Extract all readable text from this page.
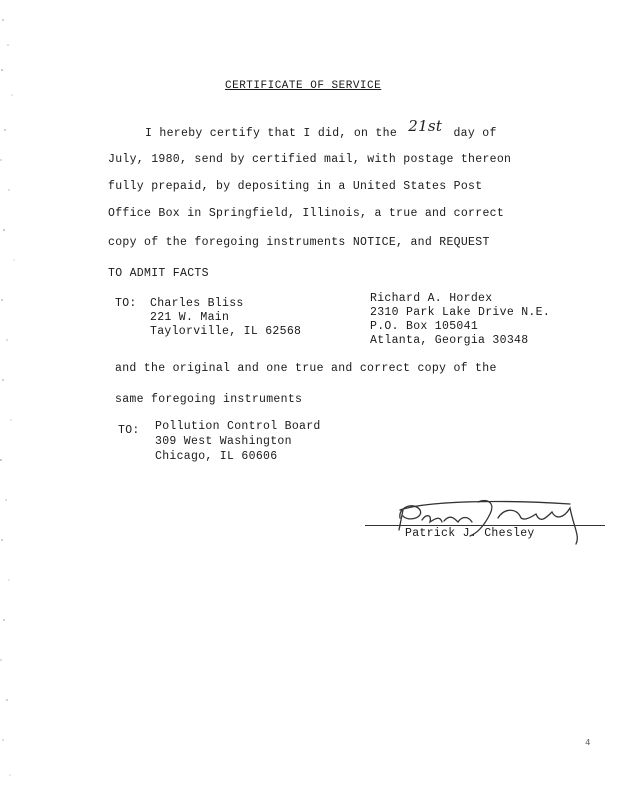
CERTIFICATE OF SERVICE
I hereby certify that I did, on the 21st day of
July, 1980, send by certified mail, with postage thereon
fully prepaid, by depositing in a United States Post
Office Box in Springfield, Illinois, a true and correct
copy of the foregoing instruments NOTICE, and REQUEST
TO ADMIT FACTS
TO: Charles Bliss
221 W. Main
Taylorville, IL 62568
Richard A. Hordex
2310 Park Lake Drive N.E.
P.O. Box 105041
Atlanta, Georgia 30348
and the original and one true and correct copy of the
same foregoing instruments
TO: Pollution Control Board
309 West Washington
Chicago, IL 60606
Patrick J. Chesley
4
